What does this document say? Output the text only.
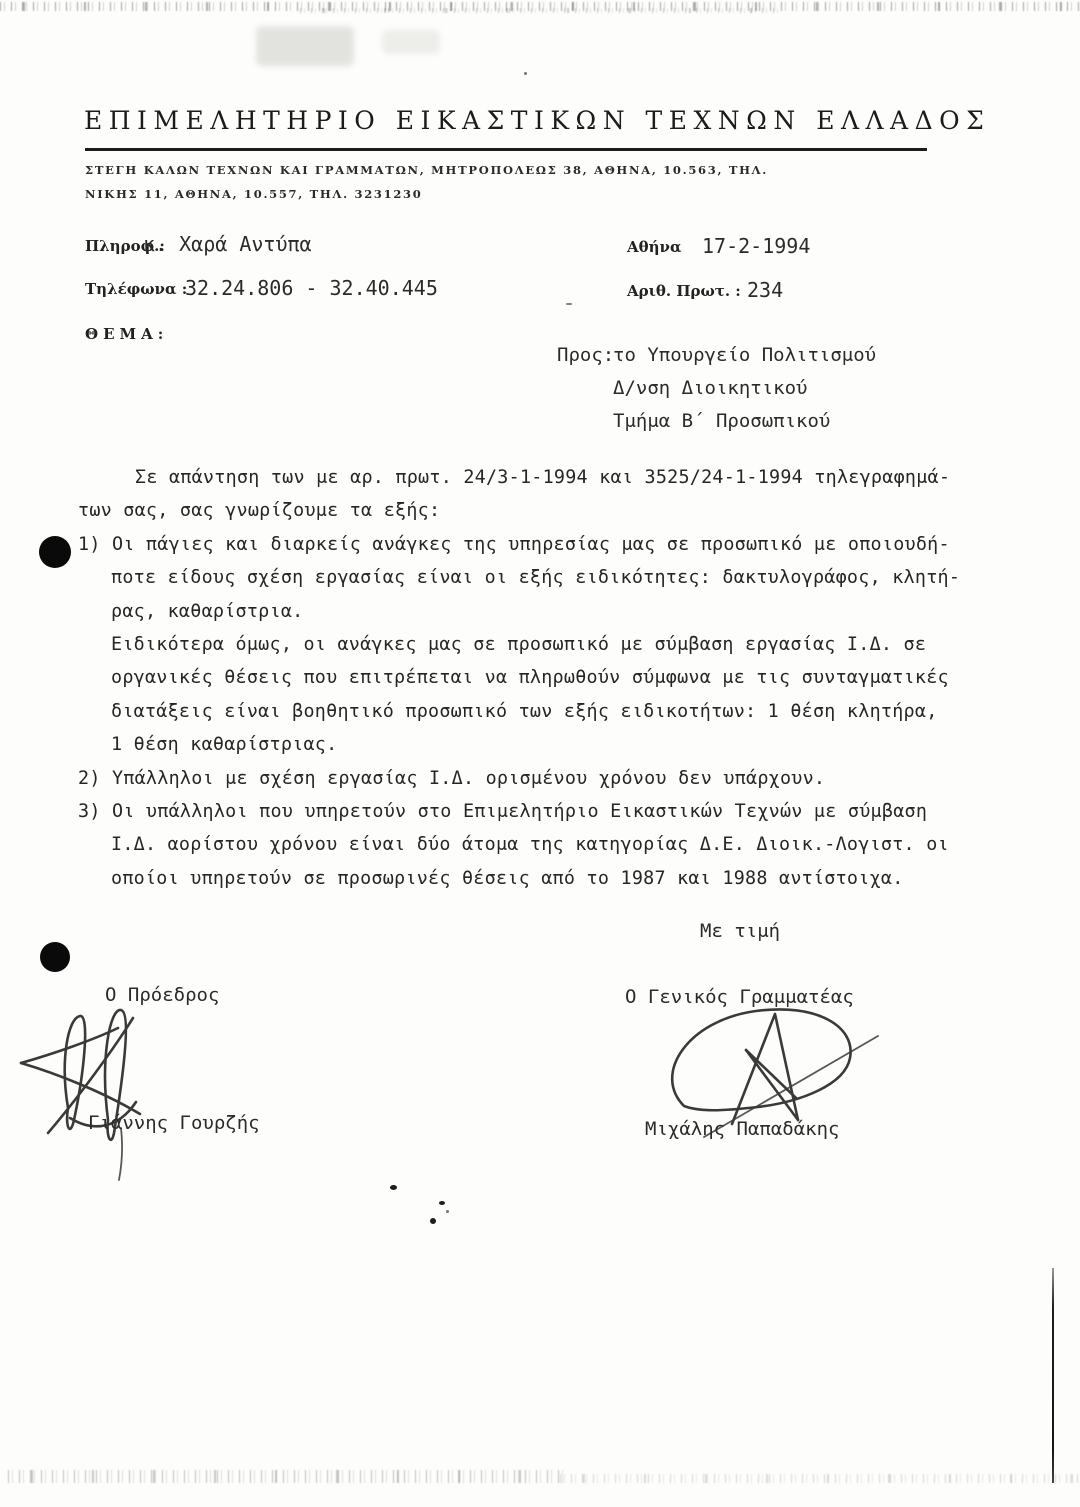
ΕΠΙΜΕΛΗΤΗΡΙΟ ΕΙΚΑΣΤΙΚΩΝ ΤΕΧΝΩΝ ΕΛΛΑΔΟΣ
ΣΤΕΓΗ ΚΑΛΩΝ ΤΕΧΝΩΝ ΚΑΙ ΓΡΑΜΜΑΤΩΝ, ΜΗΤΡΟΠΟΛΕΩΣ 38, ΑΘΗΝΑ, 10.563, ΤΗΛ.
ΝΙΚΗΣ 11, ΑΘΗΝΑ, 10.557, ΤΗΛ. 3231230
Πληροφ.:
κ. Χαρά Αντύπα
Τηλέφωνα :
32.24.806 - 32.40.445
ΘΕΜΑ:
Αθήνα 17-2-1994
Αριθ. Πρωτ. : 234
Προς:
το Υπουργείο Πολιτισμού
Δ/νση Διοικητικού
Τμήμα Β΄ Προσωπικού
Σε απάντηση των με αρ. πρωτ. 24/3-1-1994 και 3525/24-1-1994 τηλεγραφημά-
των σας, σας γνωρίζουμε τα εξής:
1) Οι πάγιες και διαρκείς ανάγκες της υπηρεσίας μας σε προσωπικό με οποιουδή-
ποτε είδους σχέση εργασίας είναι οι εξής ειδικότητες: δακτυλογράφος, κλητή-
ρας, καθαρίστρια.
Ειδικότερα όμως, οι ανάγκες μας σε προσωπικό με σύμβαση εργασίας Ι.Δ. σε
οργανικές θέσεις που επιτρέπεται να πληρωθούν σύμφωνα με τις συνταγματικές
διατάξεις είναι βοηθητικό προσωπικό των εξής ειδικοτήτων: 1 θέση κλητήρα,
1 θέση καθαρίστριας.
2) Υπάλληλοι με σχέση εργασίας Ι.Δ. ορισμένου χρόνου δεν υπάρχουν.
3) Οι υπάλληλοι που υπηρετούν στο Επιμελητήριο Εικαστικών Τεχνών με σύμβαση
Ι.Δ. αορίστου χρόνου είναι δύο άτομα της κατηγορίας Δ.Ε. Διοικ.-Λογιστ. οι
οποίοι υπηρετούν σε προσωρινές θέσεις από το 1987 και 1988 αντίστοιχα.
Με τιμή
Ο Πρόεδρος	Ο Γενικός Γραμματέας
Γιάννης Γουρζής	Μιχάλης Παπαδάκης
